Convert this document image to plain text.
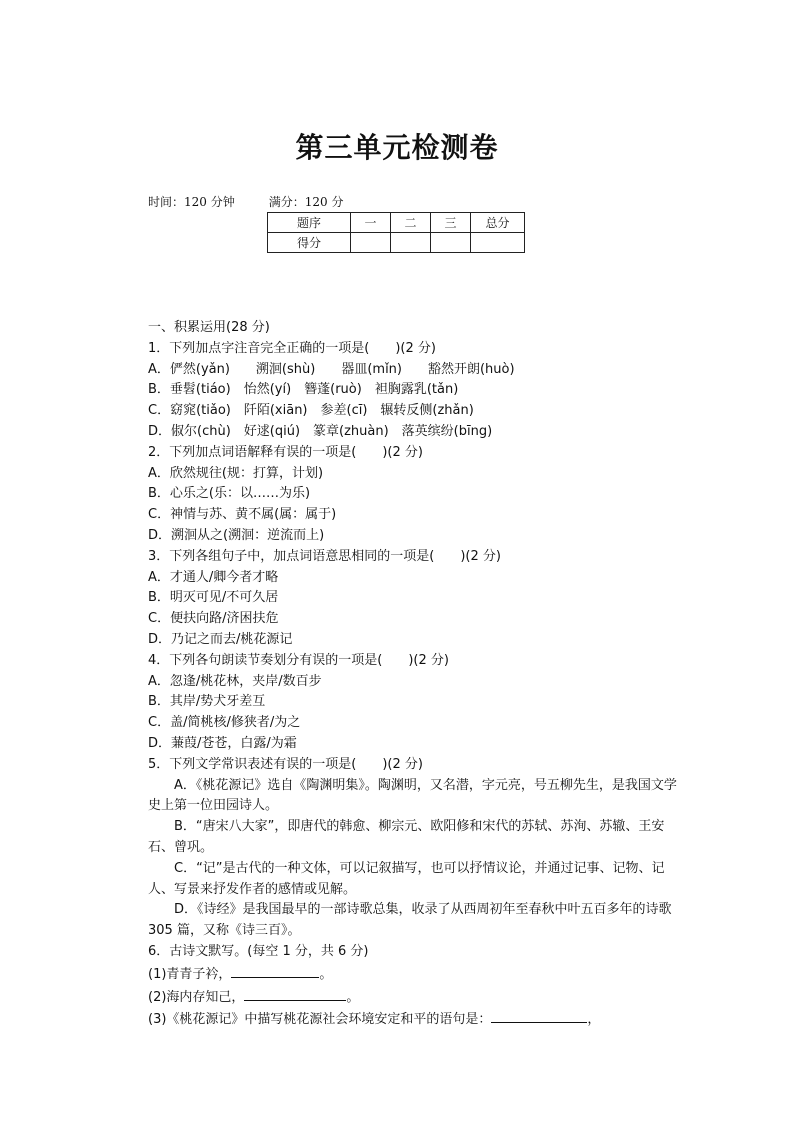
第三单元检测卷
时间：120 分钟	满分：120 分
题序	一	二	三	总分
得分				

一、积累运用(28 分)

1．下列加点字注音完全正确的一项是(　　)(2 分)

A．俨然(yǎn)　　溯洄(shù)　　器皿(mǐn)　　豁然开朗(huò)

B．垂髫(tiáo)　怡然(yí)　簪蓬(ruò)　袒胸露乳(tǎn)

C．窈窕(tiǎo)　阡陌(xiān)　参差(cī)　辗转反侧(zhǎn)

D．俶尔(chù)　好逑(qiú)　篆章(zhuàn)　落英缤纷(bīng)

2．下列加点词语解释有误的一项是(　　)(2 分)

A．欣然规往(规：打算，计划)

B．心乐之(乐：以……为乐)

C．神情与苏、黄不属(属：属于)

D．溯洄从之(溯洄：逆流而上)

3．下列各组句子中，加点词语意思相同的一项是(　　)(2 分)

A．才通人/卿今者才略

B．明灭可见/不可久居

C．便扶向路/济困扶危

D．乃记之而去/桃花源记

4．下列各句朗读节奏划分有误的一项是(　　)(2 分)

A．忽逢/桃花林，夹岸/数百步

B．其岸/势犬牙差互

C．盖/简桃核/修狭者/为之

D．蒹葭/苍苍，白露/为霜

5．下列文学常识表述有误的一项是(　　)(2 分)

A．《桃花源记》选自《陶渊明集》。陶渊明，又名潜，字元亮，号五柳先生，是我国文学史上第一位田园诗人。

B．“唐宋八大家”，即唐代的韩愈、柳宗元、欧阳修和宋代的苏轼、苏洵、苏辙、王安石、曾巩。

C．“记”是古代的一种文体，可以记叙描写，也可以抒情议论，并通过记事、记物、记人、写景来抒发作者的感情或见解。

D．《诗经》是我国最早的一部诗歌总集，收录了从西周初年至春秋中叶五百多年的诗歌 305 篇，又称《诗三百》。

6．古诗文默写。(每空 1 分，共 6 分)

(1)青青子衿，	。

(2)海内存知己，	。

(3)《桃花源记》中描写桃花源社会环境安定和平的语句是：	，
